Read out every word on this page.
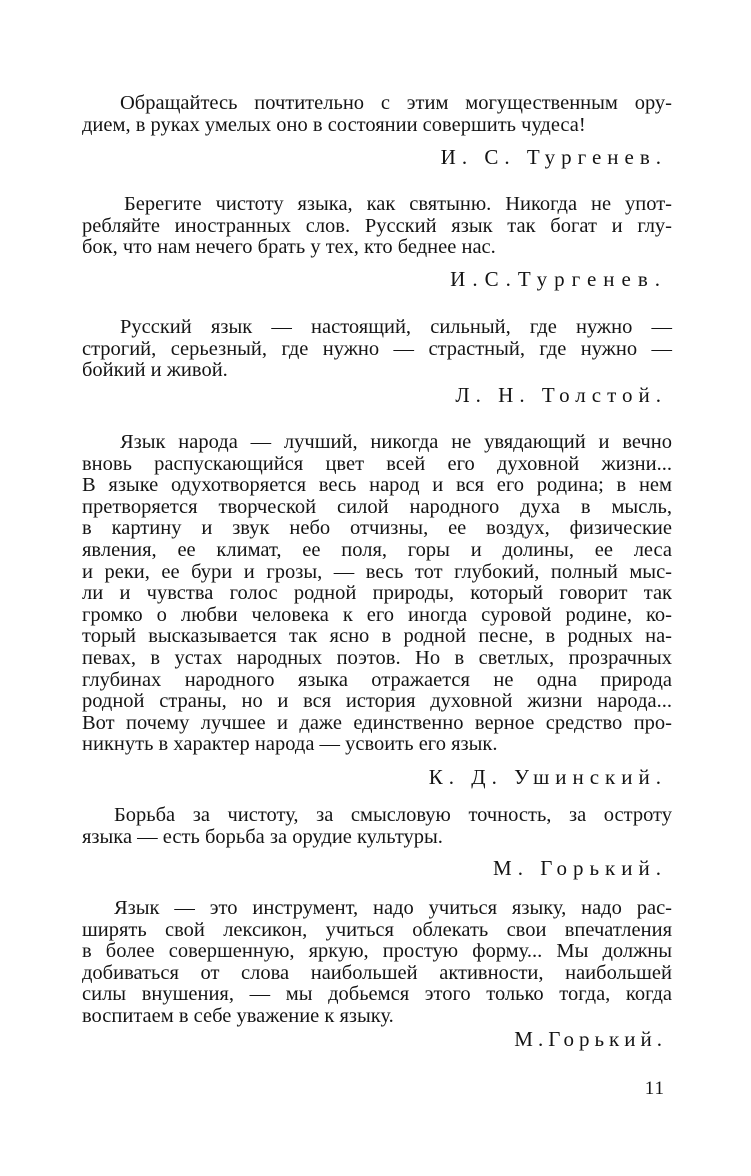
Обращайтесь почтительно с этим могущественным ору-
дием, в руках умелых оно в состоянии совершить чудеса!
И. С. Тургенев.
Берегите чистоту языка, как святыню. Никогда не упот-
ребляйте иностранных слов. Русский язык так богат и глу-
бок, что нам нечего брать у тех, кто беднее нас.
И.С.Тургенев.
Русский язык — настоящий, сильный, где нужно —
строгий, серьезный, где нужно — страстный, где нужно —
бойкий и живой.
Л. Н. Толстой.
Язык народа — лучший, никогда не увядающий и вечно
вновь распускающийся цвет всей его духовной жизни...
В языке одухотворяется весь народ и вся его родина; в нем
претворяется творческой силой народного духа в мысль,
в картину и звук небо отчизны, ее воздух, физические
явления, ее климат, ее поля, горы и долины, ее леса
и реки, ее бури и грозы, — весь тот глубокий, полный мыс-
ли и чувства голос родной природы, который говорит так
громко о любви человека к его иногда суровой родине, ко-
торый высказывается так ясно в родной песне, в родных на-
певах, в устах народных поэтов. Но в светлых, прозрачных
глубинах народного языка отражается не одна природа
родной страны, но и вся история духовной жизни народа...
Вот почему лучшее и даже единственно верное средство про-
никнуть в характер народа — усвоить его язык.
К. Д. Ушинский.
Борьба за чистоту, за смысловую точность, за остроту
языка — есть борьба за орудие культуры.
М. Горький.
Язык — это инструмент, надо учиться языку, надо рас-
ширять свой лексикон, учиться облекать свои впечатления
в более совершенную, яркую, простую форму... Мы должны
добиваться от слова наибольшей активности, наибольшей
силы внушения, — мы добьемся этого только тогда, когда
воспитаем в себе уважение к языку.
М.Горький.
11
